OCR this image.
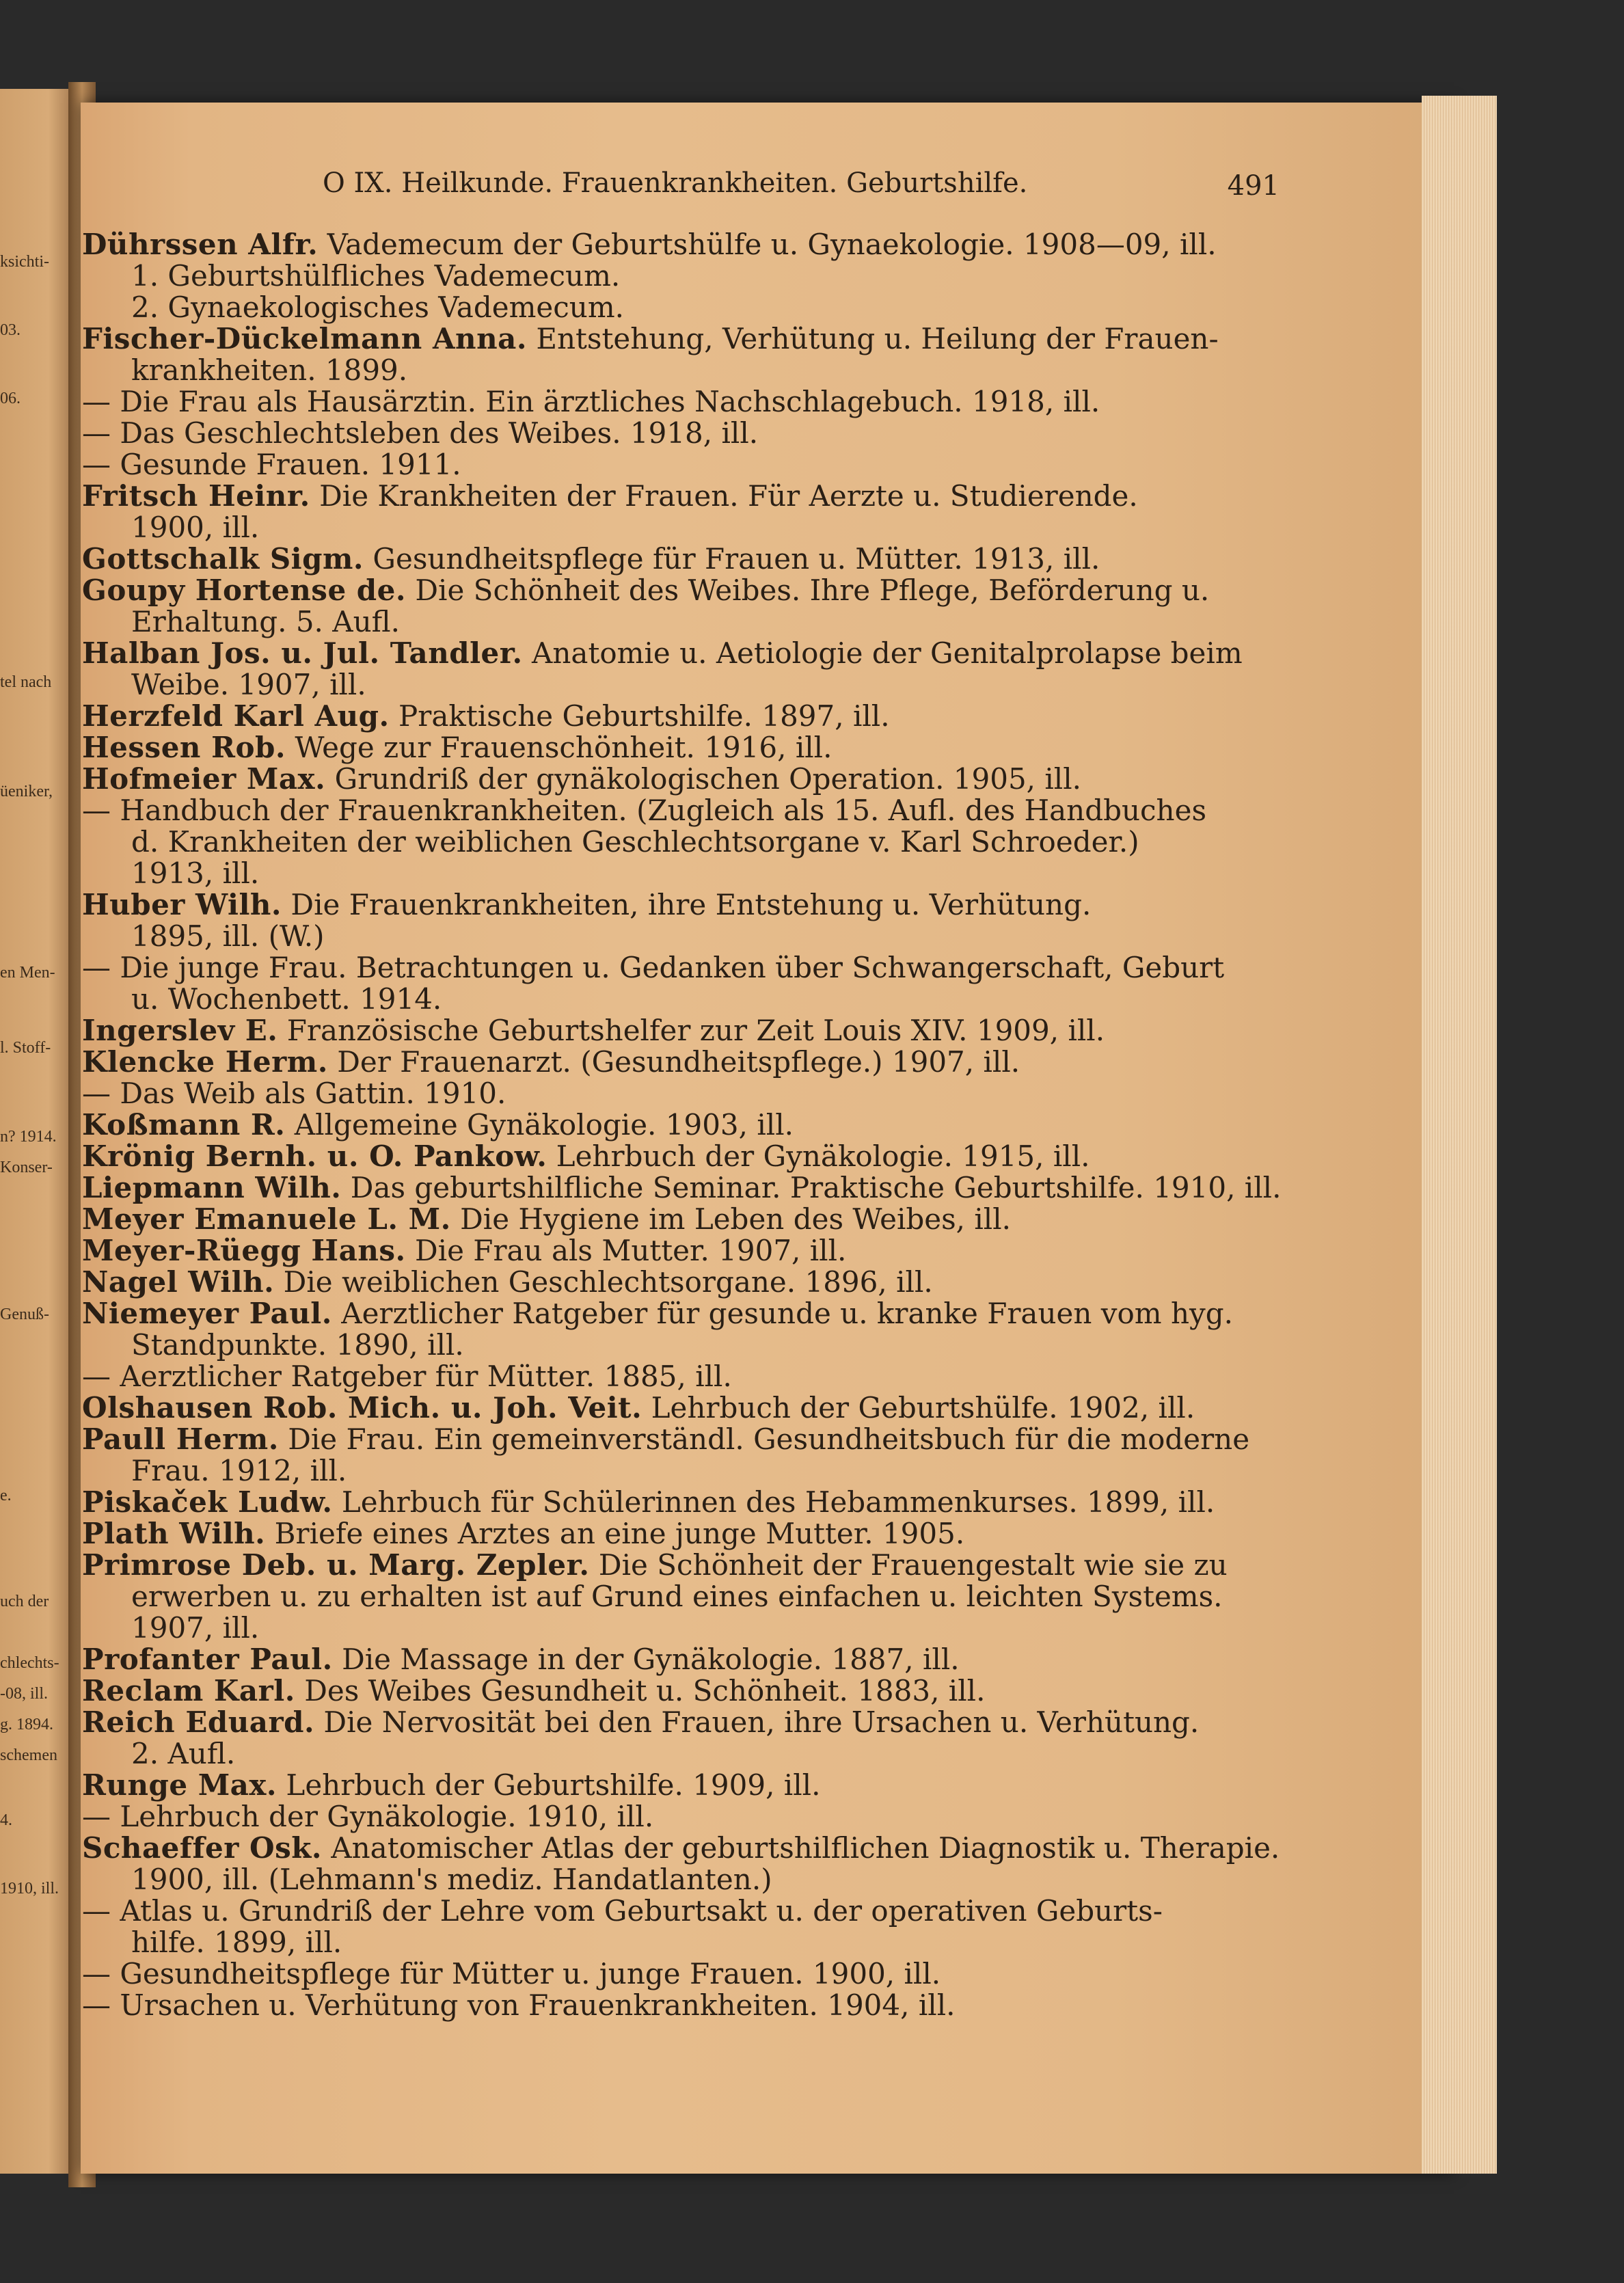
ksichti-
03.
06.
tel nach
üeniker,
en Men-
l. Stoff-
n? 1914.
Konser-
Genuß-
e.
uch der
chlechts-
-08, ill.
g. 1894.
schemen
4.
1910, ill.
O IX. Heilkunde. Frauenkrankheiten. Geburtshilfe.	491
Dührssen Alfr. Vademecum der Geburtshülfe u. Gynaekologie. 1908—09, ill.
1. Geburtshülfliches Vademecum.
2. Gynaekologisches Vademecum.
Fischer-Dückelmann Anna. Entstehung, Verhütung u. Heilung der Frauen-
krankheiten. 1899.
— Die Frau als Hausärztin. Ein ärztliches Nachschlagebuch. 1918, ill.
— Das Geschlechtsleben des Weibes. 1918, ill.
— Gesunde Frauen. 1911.
Fritsch Heinr. Die Krankheiten der Frauen. Für Aerzte u. Studierende.
1900, ill.
Gottschalk Sigm. Gesundheitspflege für Frauen u. Mütter. 1913, ill.
Goupy Hortense de. Die Schönheit des Weibes. Ihre Pflege, Beförderung u.
Erhaltung. 5. Aufl.
Halban Jos. u. Jul. Tandler. Anatomie u. Aetiologie der Genitalprolapse beim
Weibe. 1907, ill.
Herzfeld Karl Aug. Praktische Geburtshilfe. 1897, ill.
Hessen Rob. Wege zur Frauenschönheit. 1916, ill.
Hofmeier Max. Grundriß der gynäkologischen Operation. 1905, ill.
— Handbuch der Frauenkrankheiten. (Zugleich als 15. Aufl. des Handbuches
d. Krankheiten der weiblichen Geschlechtsorgane v. Karl Schroeder.)
1913, ill.
Huber Wilh. Die Frauenkrankheiten, ihre Entstehung u. Verhütung.
1895, ill. (W.)
— Die junge Frau. Betrachtungen u. Gedanken über Schwangerschaft, Geburt
u. Wochenbett. 1914.
Ingerslev E. Französische Geburtshelfer zur Zeit Louis XIV. 1909, ill.
Klencke Herm. Der Frauenarzt. (Gesundheitspflege.) 1907, ill.
— Das Weib als Gattin. 1910.
Koßmann R. Allgemeine Gynäkologie. 1903, ill.
Krönig Bernh. u. O. Pankow. Lehrbuch der Gynäkologie. 1915, ill.
Liepmann Wilh. Das geburtshilfliche Seminar. Praktische Geburtshilfe. 1910, ill.
Meyer Emanuele L. M. Die Hygiene im Leben des Weibes, ill.
Meyer-Rüegg Hans. Die Frau als Mutter. 1907, ill.
Nagel Wilh. Die weiblichen Geschlechtsorgane. 1896, ill.
Niemeyer Paul. Aerztlicher Ratgeber für gesunde u. kranke Frauen vom hyg.
Standpunkte. 1890, ill.
— Aerztlicher Ratgeber für Mütter. 1885, ill.
Olshausen Rob. Mich. u. Joh. Veit. Lehrbuch der Geburtshülfe. 1902, ill.
Paull Herm. Die Frau. Ein gemeinverständl. Gesundheitsbuch für die moderne
Frau. 1912, ill.
Piskaček Ludw. Lehrbuch für Schülerinnen des Hebammenkurses. 1899, ill.
Plath Wilh. Briefe eines Arztes an eine junge Mutter. 1905.
Primrose Deb. u. Marg. Zepler. Die Schönheit der Frauengestalt wie sie zu
erwerben u. zu erhalten ist auf Grund eines einfachen u. leichten Systems.
1907, ill.
Profanter Paul. Die Massage in der Gynäkologie. 1887, ill.
Reclam Karl. Des Weibes Gesundheit u. Schönheit. 1883, ill.
Reich Eduard. Die Nervosität bei den Frauen, ihre Ursachen u. Verhütung.
2. Aufl.
Runge Max. Lehrbuch der Geburtshilfe. 1909, ill.
— Lehrbuch der Gynäkologie. 1910, ill.
Schaeffer Osk. Anatomischer Atlas der geburtshilflichen Diagnostik u. Therapie.
1900, ill. (Lehmann's mediz. Handatlanten.)
— Atlas u. Grundriß der Lehre vom Geburtsakt u. der operativen Geburts-
hilfe. 1899, ill.
— Gesundheitspflege für Mütter u. junge Frauen. 1900, ill.
— Ursachen u. Verhütung von Frauenkrankheiten. 1904, ill.
